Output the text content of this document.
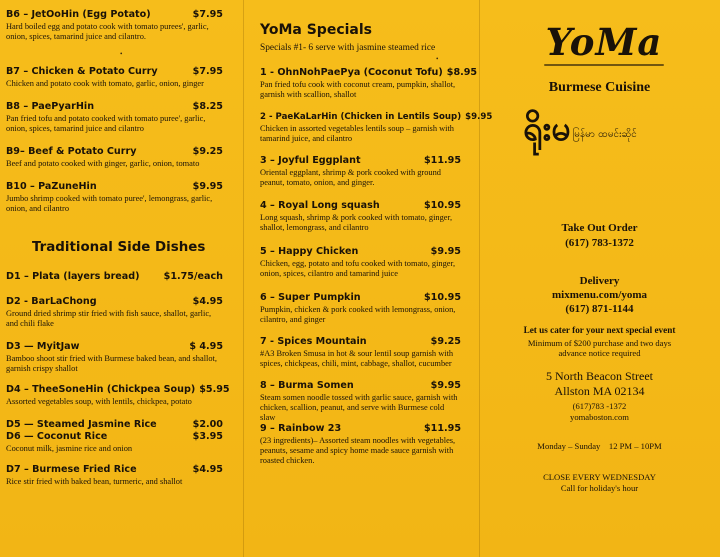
B6 – JetOoHin (Egg Potato)	$7.95
Hard boiled egg and potato cook with tomato purees', garlic, onion, spices, tamarind juice and cilantro.
•
B7 – Chicken & Potato Curry	$7.95
Chicken and potato cook with tomato, garlic, onion, ginger
B8 – PaePyarHin	$8.25
Pan fried tofu and potato cooked with tomato puree', garlic, onion, spices, tamarind juice and cilantro
B9– Beef & Potato Curry	$9.25
Beef and potato cooked with ginger, garlic, onion, tomato
B10 – PaZuneHin	$9.95
Jumbo shrimp cooked with tomato puree', lemongrass, garlic, onion, and cilantro
Traditional Side Dishes
D1 – Plata (layers bread)	$1.75/each
D2 - BarLaChong	$4.95
Ground dried shrimp stir fried with fish sauce, shallot, garlic, and chili flake
D3 — MyitJaw	$ 4.95
Bamboo shoot stir fried with Burmese baked bean, and shallot, garnish crispy shallot
D4 – TheeSoneHin (Chickpea Soup) $5.95
Assorted vegetables soup, with lentils, chickpea, potato
D5 — Steamed Jasmine Rice	$2.00
D6 — Coconut Rice	$3.95
Coconut milk, jasmine rice and onion
D7 – Burmese Fried Rice	$4.95
Rice stir fried with baked bean, turmeric, and shallot
YoMa Specials
Specials #1- 6 serve with jasmine steamed rice
•
1 - OhnNohPaePya (Coconut Tofu) $8.95
Pan fried tofu cook with coconut cream, pumpkin, shallot, garnish with scallion, shallot
2 - PaeKaLarHin (Chicken in Lentils Soup) $9.95
Chicken in assorted vegetables lentils soup – garnish with tamarind juice, and cilantro
3 – Joyful Eggplant	$11.95
Oriental eggplant, shrimp & pork cooked with ground peanut, tomato, onion, and ginger.
4 – Royal Long squash	$10.95
Long squash, shrimp & pork cooked with tomato, ginger, shallot, lemongrass, and cilantro
5 – Happy Chicken	$9.95
Chicken, egg, potato and tofu cooked with tomato, ginger, onion, spices, cilantro and tamarind juice
6 – Super Pumpkin	$10.95
Pumpkin, chicken & pork cooked with lemongrass, onion, cilantro, and ginger
7 - Spices Mountain	$9.25
#A3 Broken Smusa in hot & sour lentil soup garnish with spices, chickpeas, chili, mint, cabbage, shallot, cucumber
8 – Burma Somen	$9.95
Steam somen noodle tossed with garlic sauce, garnish with chicken, scallion, peanut, and serve with Burmese cold slaw
9 – Rainbow 23	$11.95
(23 ingredients)– Assorted steam noodles with vegetables, peanuts, sesame and spicy home made sauce garnish with roasted chicken.
YoMa
Burmese Cuisine
ရိုးမ မြန်မာ ထမင်းဆိုင်
Take Out Order
(617) 783-1372
Delivery
mixmenu.com/yoma
(617) 871-1144
Let us cater for your next special event
Minimum of $200 purchase and two days
advance notice required
5 North Beacon Street
Allston MA 02134
(617)783 -1372
yomaboston.com
Monday – Sunday    12 PM – 10PM
CLOSE EVERY WEDNESDAY
Call for holiday's hour
